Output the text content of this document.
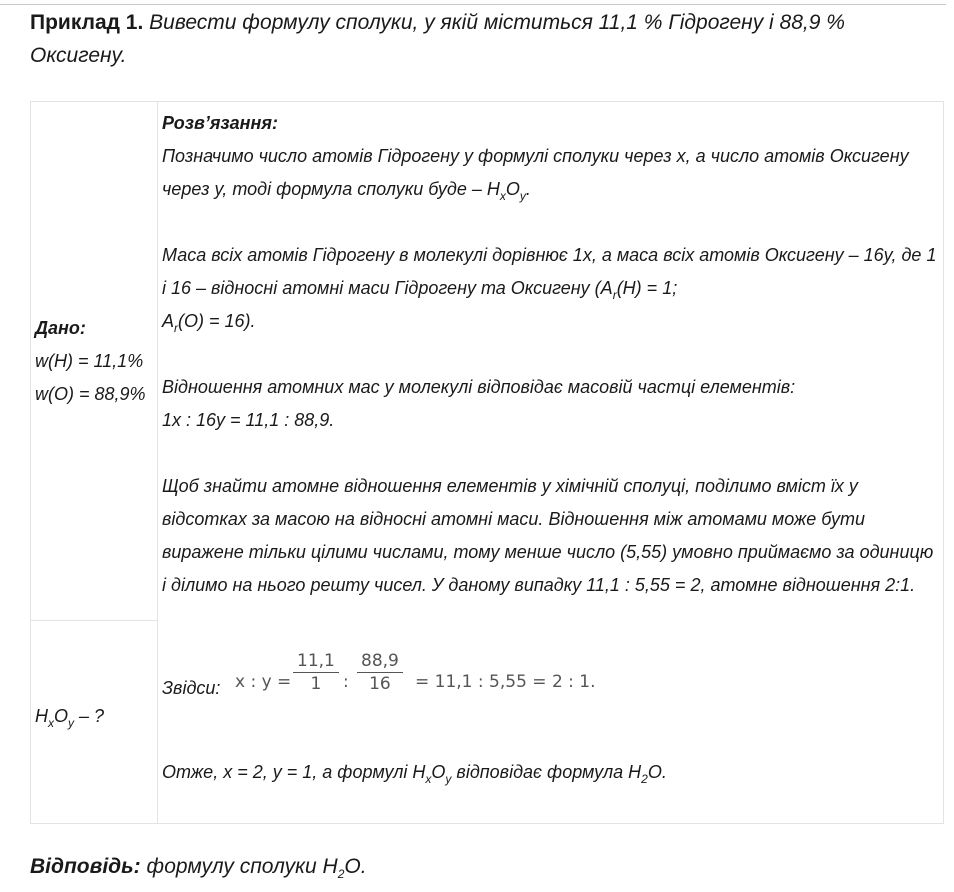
Приклад 1. Вивести формулу сполуки, у якій міститься 11,1 % Гідрогену і 88,9 % Оксигену.
Дано:
w(H) = 11,1%
w(O) = 88,9%
$H_xO_y$ – ?

Розв’язання:

Позначимо число атомів Гідрогену у формулі сполуки через х, а число атомів Оксигену через у, тоді формула сполуки буде – $H_xO_y$.

Маса всіх атомів Гідрогену в молекулі дорівнює 1х, а маса всіх атомів Оксигену – 16у, де 1 і 16 – відносні атомні маси Гідрогену та Оксигену ($A_r(H) = 1$;
$A_r(O) = 16$).

Відношення атомних мас у молекулі відповідає масовій частці елементів:
1х : 16у = 11,1 : 88,9.

Щоб знайти атомне відношення елементів у хімічній сполуці, поділимо вміст їх у відсотках за масою на відносні атомні маси. Відношення між атомами може бути виражене тільки цілими числами, тому менше число (5,55) умовно приймаємо за одиницю і ділимо на нього решту чисел. У даному випадку 11,1 : 5,55 = 2, атомне відношення 2:1.

Звідси: x : $y = \frac{11,1}{1}$ : $\frac{88,9}{16} = 11,1$ : 5,55 = 2 : 1.
Отже, x = 2, y = 1, а формулі $H_xO_y$ відповідає формула $H_2O$.
Відповідь: формулу сполуки $H_2O$.
